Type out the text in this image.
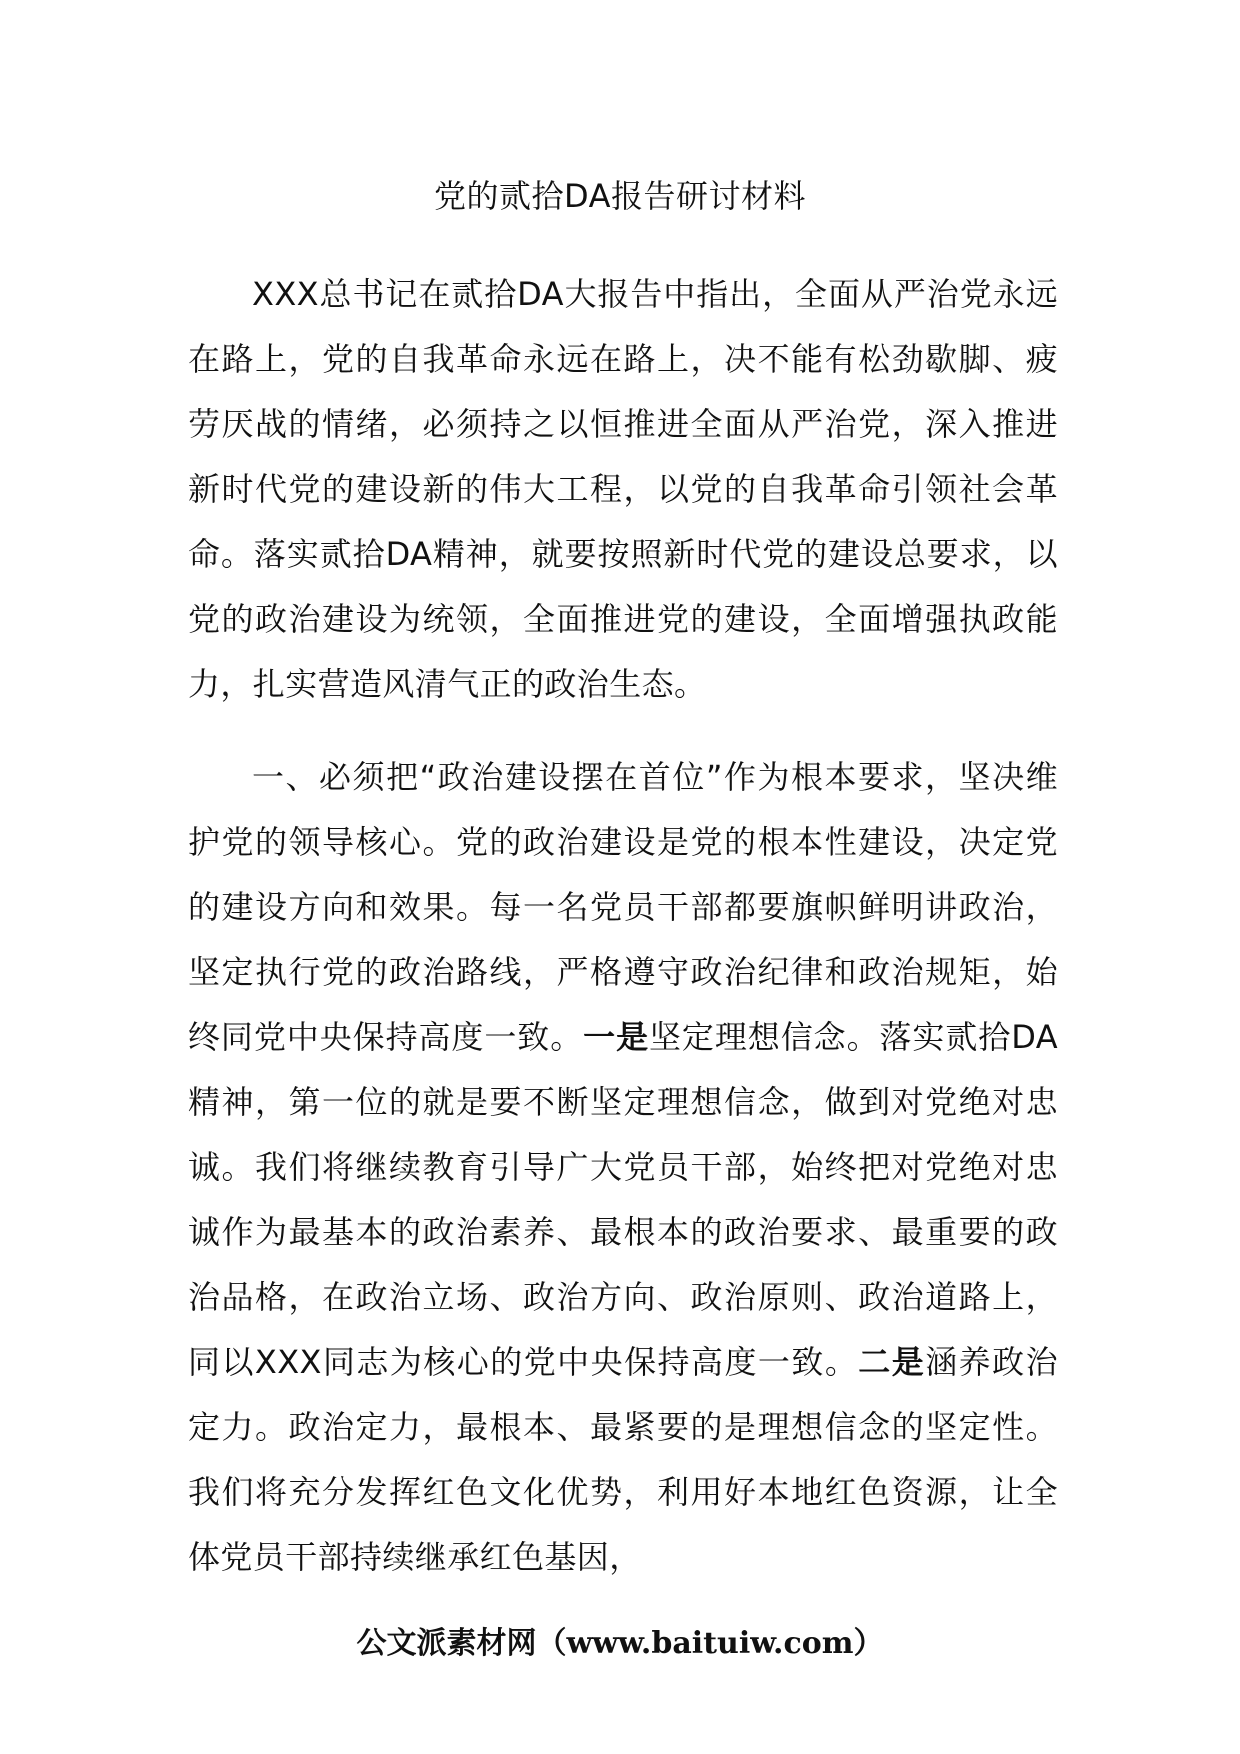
党的贰拾DA报告研讨材料

XXX总书记在贰拾DA大报告中指出，全面从严治党永远在路上，党的自我革命永远在路上，决不能有松劲歇脚、疲劳厌战的情绪，必须持之以恒推进全面从严治党，深入推进新时代党的建设新的伟大工程，以党的自我革命引领社会革命。落实贰拾DA精神，就要按照新时代党的建设总要求，以党的政治建设为统领，全面推进党的建设，全面增强执政能力，扎实营造风清气正的政治生态。

一、必须把“政治建设摆在首位”作为根本要求，坚决维护党的领导核心。党的政治建设是党的根本性建设，决定党的建设方向和效果。每一名党员干部都要旗帜鲜明讲政治，坚定执行党的政治路线，严格遵守政治纪律和政治规矩，始终同党中央保持高度一致。一是坚定理想信念。落实贰拾DA精神，第一位的就是要不断坚定理想信念，做到对党绝对忠诚。我们将继续教育引导广大党员干部，始终把对党绝对忠诚作为最基本的政治素养、最根本的政治要求、最重要的政治品格，在政治立场、政治方向、政治原则、政治道路上，同以XXX同志为核心的党中央保持高度一致。二是涵养政治定力。政治定力，最根本、最紧要的是理想信念的坚定性。我们将充分发挥红色文化优势，利用好本地红色资源，让全体党员干部持续继承红色基因，

公文派素材网（www.baituiw.com）
